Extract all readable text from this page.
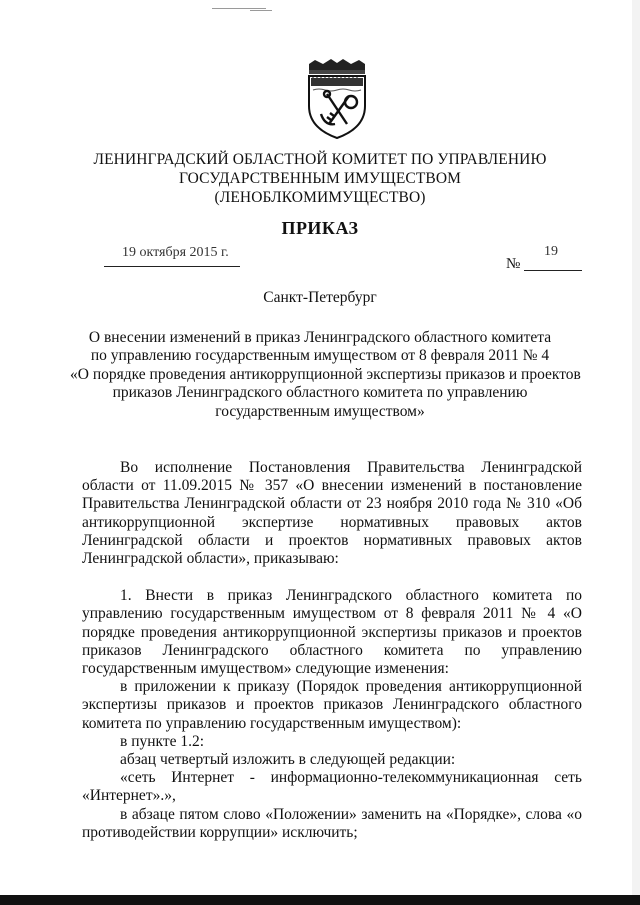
ЛЕНИНГРАДСКИЙ ОБЛАСТНОЙ КОМИТЕТ ПО УПРАВЛЕНИЮ
ГОСУДАРСТВЕННЫМ ИМУЩЕСТВОМ
(ЛЕНОБЛКОМИМУЩЕСТВО)
ПРИКАЗ
19 октября 2015 г.
№
19
Санкт-Петербург
О внесении изменений в приказ Ленинградского областного комитета
по управлению государственным имуществом от 8 февраля 2011 № 4
«О порядке проведения антикоррупционной экспертизы приказов и проектов
приказов Ленинградского областного комитета по управлению
государственным имуществом»

Во исполнение Постановления Правительства Ленинградской области от 11.09.2015 № 357 «О внесении изменений в постановление Правительства Ленинградской области от 23 ноября 2010 года № 310 «Об антикоррупционной экспертизе нормативных правовых актов Ленинградской области и проектов нормативных правовых актов Ленинградской области», приказываю:

1. Внести в приказ Ленинградского областного комитета по управлению государственным имуществом от 8 февраля 2011 № 4 «О порядке проведения антикоррупционной экспертизы приказов и проектов приказов Ленинградского областного комитета по управлению государственным имуществом» следующие изменения:

в приложении к приказу (Порядок проведения антикоррупционной экспертизы приказов и проектов приказов Ленинградского областного комитета по управлению государственным имуществом):

в пункте 1.2:

абзац четвертый изложить в следующей редакции:

«сеть Интернет - информационно-телекоммуникационная сеть «Интернет».»,

в абзаце пятом слово «Положении» заменить на «Порядке», слова «о противодействии коррупции» исключить;
